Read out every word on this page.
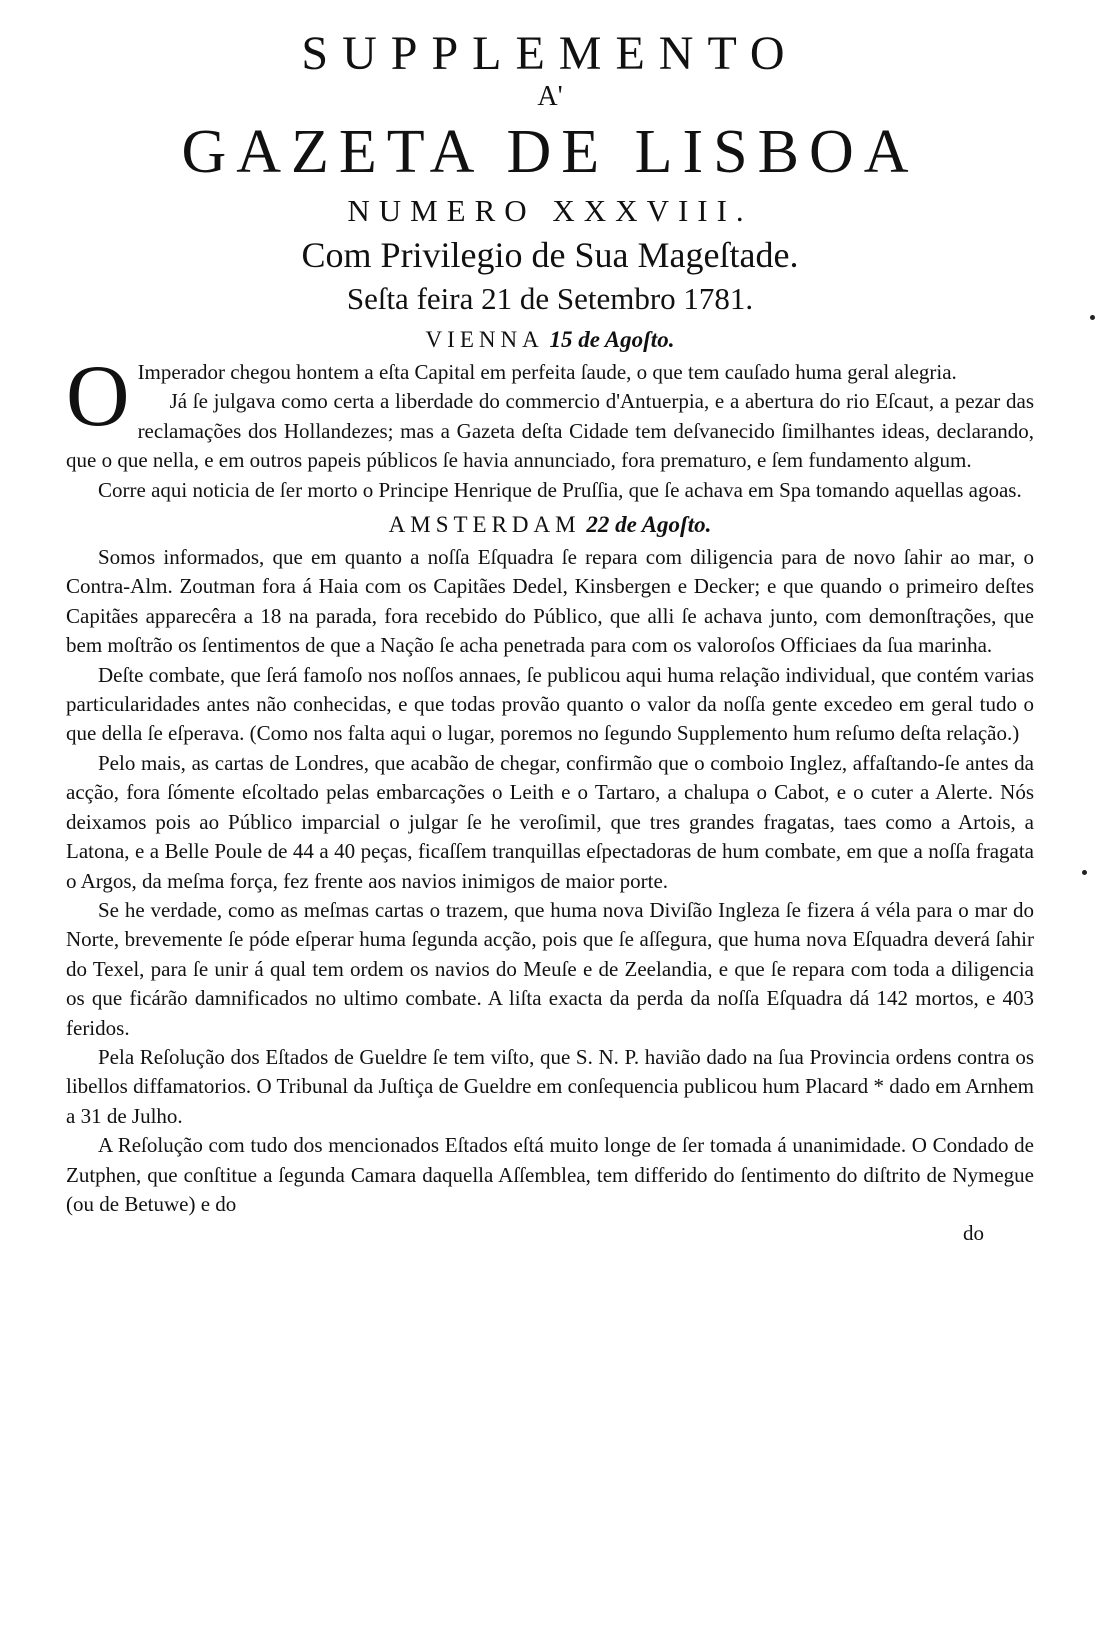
SUPPLEMENTO
A'
GAZETA DE LISBOA
NUMERO XXXVIII.
Com Privilegio de Sua Mageſtade.
Seſta feira 21 de Setembro 1781.
VIENNA 15 de Agoſto.

O Imperador chegou hontem a eſta Capital em perfeita ſaude, o que tem cauſado huma geral alegria.

Já ſe julgava como certa a liberdade do commercio d'Antuerpia, e a abertura do rio Eſcaut, a pezar das reclamações dos Hollandezes; mas a Gazeta deſta Cidade tem deſvanecido ſimilhantes ideas, declarando, que o que nella, e em outros papeis públicos ſe havia annunciado, fora prematuro, e ſem fundamento algum.

Corre aqui noticia de ſer morto o Principe Henrique de Pruſſia, que ſe achava em Spa tomando aquellas agoas.

AMSTERDAM 22 de Agoſto.

Somos informados, que em quanto a noſſa Eſquadra ſe repara com diligencia para de novo ſahir ao mar, o Contra-Alm. Zoutman fora á Haia com os Capitães Dedel, Kinsbergen e Decker; e que quando o primeiro deſtes Capitães apparecêra a 18 na parada, fora recebido do Público, que alli ſe achava junto, com demonſtrações, que bem moſtrão os ſentimentos de que a Nação ſe acha penetrada para com os valoroſos Officiaes da ſua marinha.

Deſte combate, que ſerá famoſo nos noſſos annaes, ſe publicou aqui huma relação individual, que contém varias particularidades antes não conhecidas, e que todas provão quanto o valor da noſſa gente excedeo em geral tudo o que della ſe eſperava. (Como nos falta aqui o lugar, poremos no ſegundo Supplemento hum reſumo deſta relação.)

Pelo mais, as cartas de Londres, que acabão de chegar, confirmão que o comboio Inglez, affaſtando-ſe antes da acção, fora ſómente eſcoltado pelas embarcações o Leith e o Tartaro, a chalupa o Cabot, e o cuter a Alerte. Nós deixamos pois ao Público imparcial o julgar ſe he veroſimil, que tres grandes fragatas, taes como a Artois, a Latona, e a Belle Poule de 44 a 40 peças, ficaſſem tranquillas eſpectadoras de hum combate, em que a noſſa fragata o Argos, da meſma força, fez frente aos navios inimigos de maior porte.

Se he verdade, como as meſmas cartas o trazem, que huma nova Diviſão Ingleza ſe fizera á véla para o mar do Norte, brevemente ſe póde eſperar huma ſegunda acção, pois que ſe aſſegura, que huma nova Eſquadra deverá ſahir do Texel, para ſe unir á qual tem ordem os navios do Meuſe e de Zeelandia, e que ſe repara com toda a diligencia os que ficárão damnificados no ultimo combate. A liſta exacta da perda da noſſa Eſquadra dá 142 mortos, e 403 feridos.

Pela Reſolução dos Eſtados de Gueldre ſe tem viſto, que S. N. P. havião dado na ſua Provincia ordens contra os libellos diffamatorios. O Tribunal da Juſtiça de Gueldre em conſequencia publicou hum Placard * dado em Arnhem a 31 de Julho.

A Reſolução com tudo dos mencionados Eſtados eſtá muito longe de ſer tomada á unanimidade. O Condado de Zutphen, que conſtitue a ſegunda Camara daquella Aſſemblea, tem differido do ſentimento do diſtrito de Nymegue (ou de Betuwe) e do

do
